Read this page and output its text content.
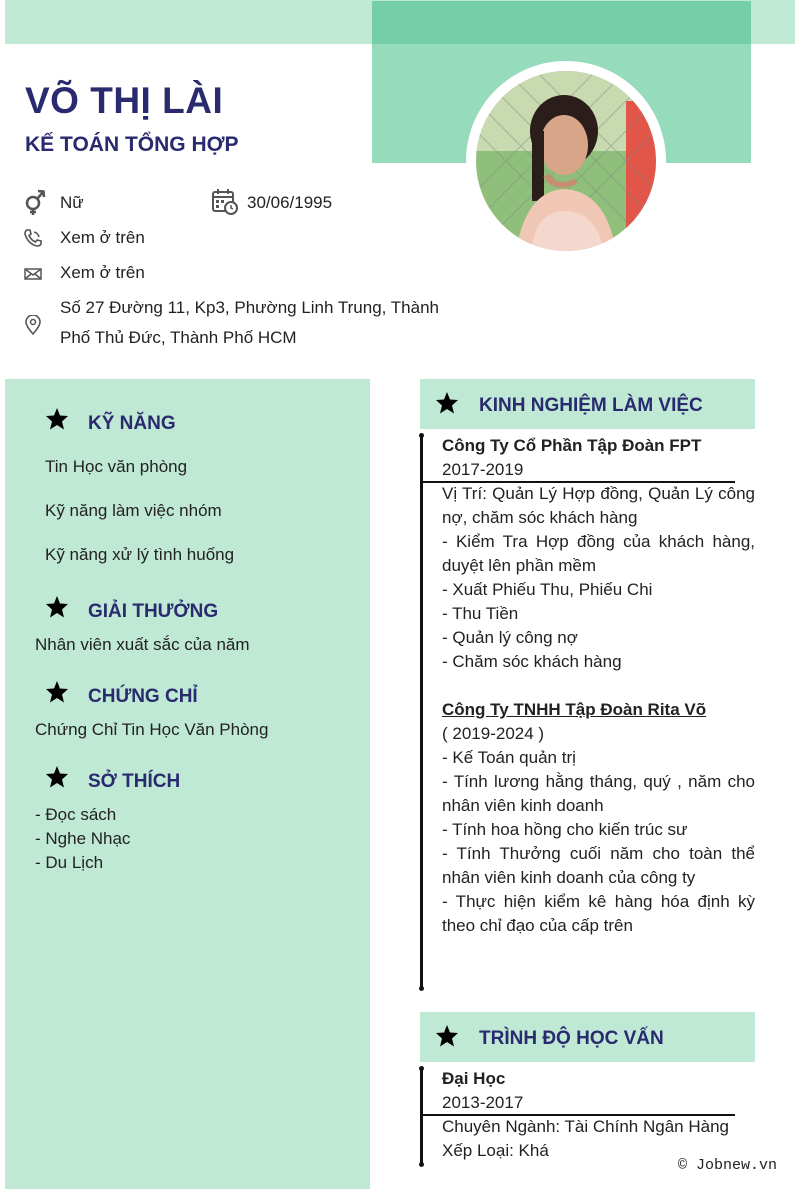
VÕ THỊ LÀI
KẾ TOÁN TỔNG HỢP
Nữ	30/06/1995
Xem ở trên
Xem ở trên
Số 27 Đường 11, Kp3, Phường Linh Trung, Thành
Phố Thủ Đức, Thành Phố HCM
KỸ NĂNG
Tin Học văn phòng
Kỹ năng làm việc nhóm
Kỹ năng xử lý tình huống
GIẢI THƯỞNG
Nhân viên xuất sắc của năm
CHỨNG CHỈ
Chứng Chỉ Tin Học Văn Phòng
SỞ THÍCH
- Đọc sách
- Nghe Nhạc
- Du Lịch
KINH NGHIỆM LÀM VIỆC
Công Ty Cổ Phần Tập Đoàn FPT
2017-2019
Vị Trí: Quản Lý Hợp đồng, Quản Lý công nợ, chăm sóc khách hàng
- Kiểm Tra Hợp đồng của khách hàng, duyệt lên phần mềm
- Xuất Phiếu Thu, Phiếu Chi
- Thu Tiền
- Quản lý công nợ
- Chăm sóc khách hàng
Công Ty TNHH Tập Đoàn Rita Võ
( 2019-2024 )
- Kế Toán quản trị
- Tính lương hằng tháng, quý , năm cho nhân viên kinh doanh
- Tính hoa hồng cho kiến trúc sư
- Tính Thưởng cuối năm cho toàn thể nhân viên kinh doanh của công ty
- Thực hiện kiểm kê hàng hóa định kỳ theo chỉ đạo của cấp trên
TRÌNH ĐỘ HỌC VẤN
Đại Học
2013-2017
Chuyên Ngành: Tài Chính Ngân Hàng
Xếp Loại: Khá
© Jobnew.vn
